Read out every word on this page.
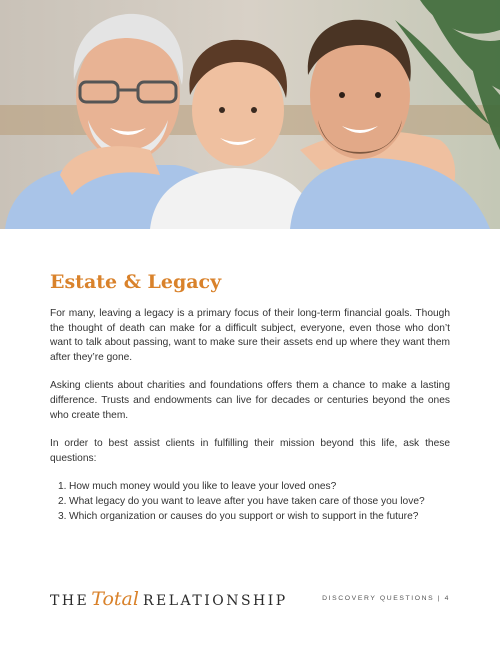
Estate & Legacy

For many, leaving a legacy is a primary focus of their long-term financial goals. Though the thought of death can make for a difficult subject, everyone, even those who don’t want to talk about passing, want to make sure their assets end up where they want them after they’re gone.

Asking clients about charities and foundations offers them a chance to make a lasting difference. Trusts and endowments can live for decades or centuries beyond the ones who create them.

In order to best assist clients in fulfilling their mission beyond this life, ask these questions:

1. How much money would you like to leave your loved ones?
2. What legacy do you want to leave after you have taken care of those you love?
3. Which organization or causes do you support or wish to support in the future?
THE Total RELATIONSHIP	DISCOVERY QUESTIONS | 4
